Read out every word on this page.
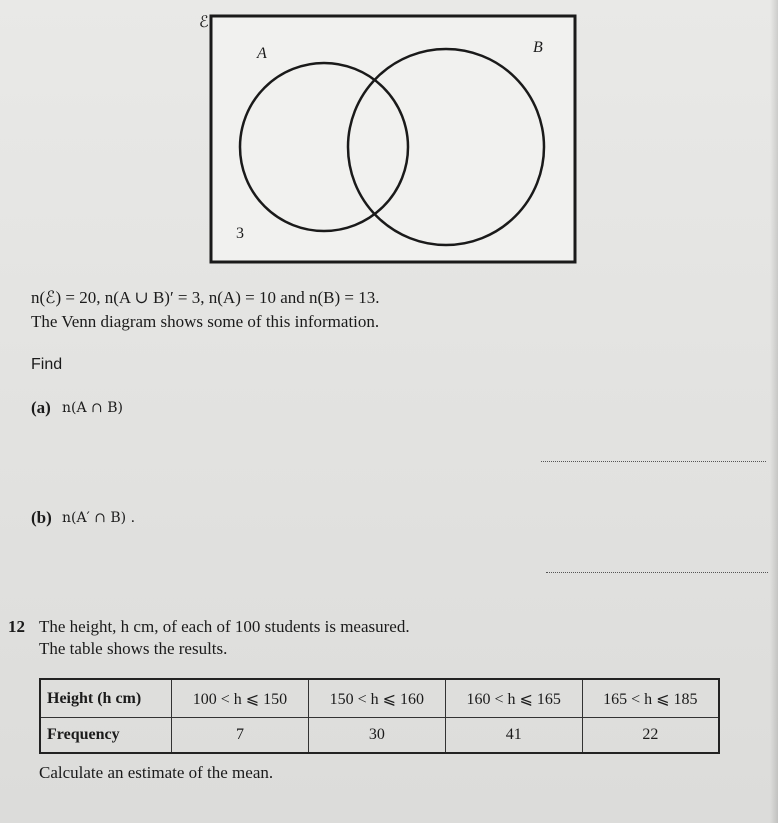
ℰ
A	B
3
n(ℰ) = 20, n(A ∪ B)′ = 3, n(A) = 10 and n(B) = 13.
The Venn diagram shows some of this information.
Find
(a) n(A ∩ B)
(b) n(A′ ∩ B) .
12 The height, h cm, of each of 100 students is measured.
The table shows the results.
Height (h cm)	100 < h ⩽ 150	150 < h ⩽ 160	160 < h ⩽ 165	165 < h ⩽ 185
Frequency	7	30	41	22
Calculate an estimate of the mean.
